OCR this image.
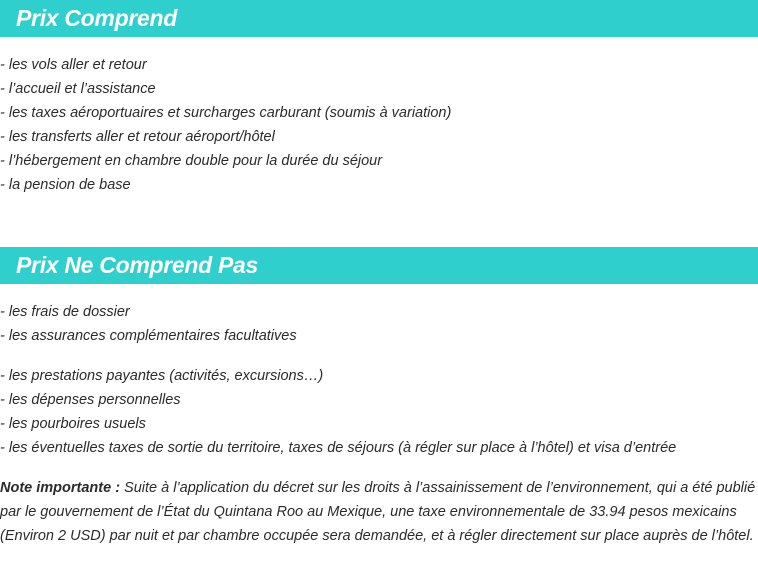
Prix Comprend
- les vols aller et retour
- l’accueil et l’assistance
- les taxes aéroportuaires et surcharges carburant (soumis à variation)
- les transferts aller et retour aéroport/hôtel
- l’hébergement en chambre double pour la durée du séjour
- la pension de base
Prix Ne Comprend Pas
- les frais de dossier
- les assurances complémentaires facultatives
- les prestations payantes (activités, excursions…)
- les dépenses personnelles
- les pourboires usuels
- les éventuelles taxes de sortie du territoire, taxes de séjours (à régler sur place à l’hôtel) et visa d’entrée

Note importante : Suite à l’application du décret sur les droits à l’assainissement de l’environnement, qui a été publié par le gouvernement de l’État du Quintana Roo au Mexique, une taxe environnementale de 33.94 pesos mexicains (Environ 2 USD) par nuit et par chambre occupée sera demandée, et à régler directement sur place auprès de l’hôtel.
